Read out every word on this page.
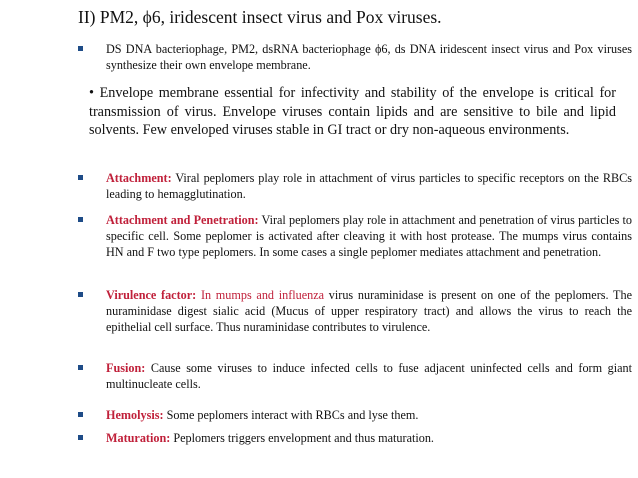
II) PM2, ϕ6, iridescent insect virus and Pox viruses.
DS DNA bacteriophage, PM2, dsRNA bacteriophage ϕ6, ds DNA iridescent insect virus and Pox viruses synthesize their own envelope membrane.
• Envelope membrane essential for infectivity and stability of the envelope is critical for transmission of virus. Envelope viruses contain lipids and are sensitive to bile and lipid solvents. Few enveloped viruses stable in GI tract or dry non-aqueous environments.
Attachment: Viral peplomers play role in attachment of virus particles to specific receptors on the RBCs leading to hemagglutination.
Attachment and Penetration: Viral peplomers play role in attachment and penetration of virus particles to specific cell. Some peplomer is activated after cleaving it with host protease. The mumps virus contains HN and F two type peplomers. In some cases a single peplomer mediates attachment and penetration.
Virulence factor: In mumps and influenza virus nuraminidase is present on one of the peplomers. The nuraminidase digest sialic acid (Mucus of upper respiratory tract) and allows the virus to reach the epithelial cell surface. Thus nuraminidase contributes to virulence.
Fusion: Cause some viruses to induce infected cells to fuse adjacent uninfected cells and form giant multinucleate cells.
Hemolysis: Some peplomers interact with RBCs and lyse them.
Maturation: Peplomers triggers envelopment and thus maturation.
